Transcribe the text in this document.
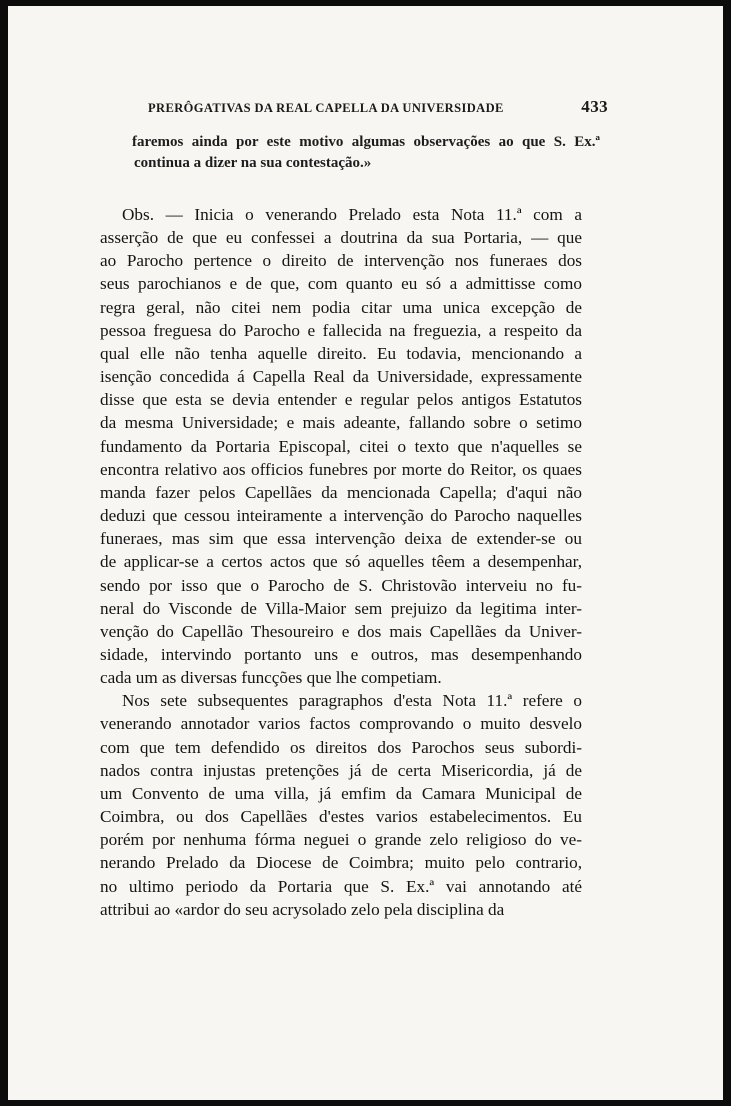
PRERÔGATIVAS DA REAL CAPELLA DA UNIVERSIDADE	433
faremos ainda por este motivo algumas observações ao que S. Ex.ª
continua a dizer na sua contestação.»

Obs. — Inicia o venerando Prelado esta Nota 11.ª com a
asserção de que eu confessei a doutrina da sua Portaria, — que
ao Parocho pertence o direito de intervenção nos funeraes dos
seus parochianos e de que, com quanto eu só a admittisse como
regra geral, não citei nem podia citar uma unica excepção de
pessoa freguesa do Parocho e fallecida na freguezia, a respeito da
qual elle não tenha aquelle direito. Eu todavia, mencionando a
isenção concedida á Capella Real da Universidade, expressamente
disse que esta se devia entender e regular pelos antigos Estatutos
da mesma Universidade; e mais adeante, fallando sobre o setimo
fundamento da Portaria Episcopal, citei o texto que n'aquelles se
encontra relativo aos officios funebres por morte do Reitor, os quaes
manda fazer pelos Capellães da mencionada Capella; d'aqui não
deduzi que cessou inteiramente a intervenção do Parocho naquelles
funeraes, mas sim que essa intervenção deixa de extender-se ou
de applicar-se a certos actos que só aquelles têem a desempenhar,
sendo por isso que o Parocho de S. Christovão interveiu no fu-
neral do Visconde de Villa-Maior sem prejuizo da legitima inter-
venção do Capellão Thesoureiro e dos mais Capellães da Univer-
sidade, intervindo portanto uns e outros, mas desempenhando
cada um as diversas funcções que lhe competiam.

Nos sete subsequentes paragraphos d'esta Nota 11.ª refere o
venerando annotador varios factos comprovando o muito desvelo
com que tem defendido os direitos dos Parochos seus subordi-
nados contra injustas pretenções já de certa Misericordia, já de
um Convento de uma villa, já emfim da Camara Municipal de
Coimbra, ou dos Capellães d'estes varios estabelecimentos. Eu
porém por nenhuma fórma neguei o grande zelo religioso do ve-
nerando Prelado da Diocese de Coimbra; muito pelo contrario,
no ultimo periodo da Portaria que S. Ex.ª vai annotando até
attribui ao «ardor do seu acrysolado zelo pela disciplina da
